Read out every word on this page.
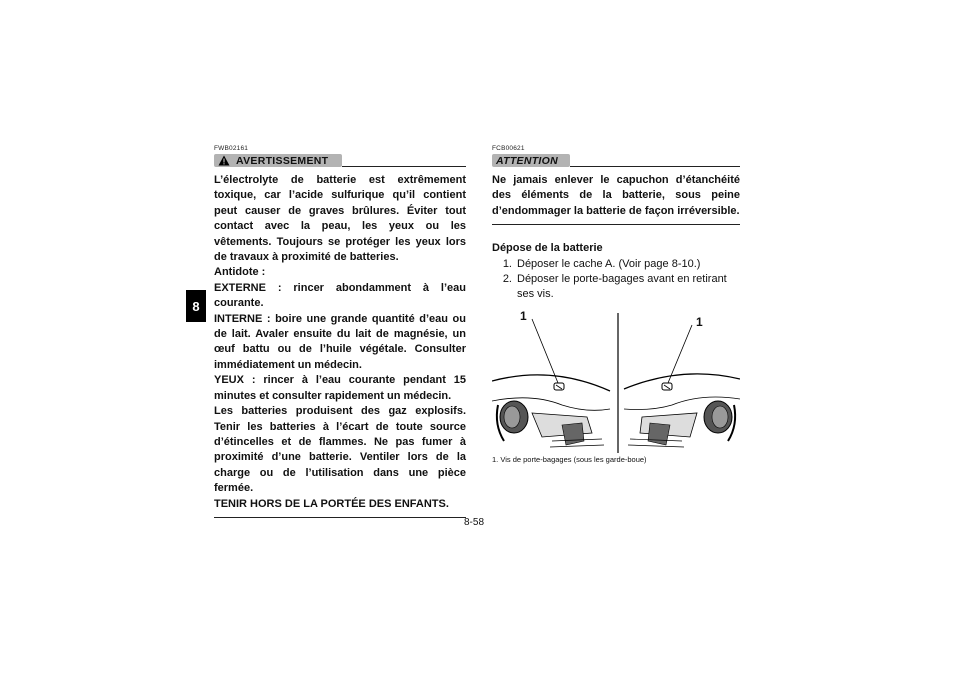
8
FWB02161
AVERTISSEMENT

L’électrolyte de batterie est extrêmement toxique, car l’acide sulfurique qu’il contient peut causer de graves brûlures. Éviter tout contact avec la peau, les yeux ou les vêtements. Toujours se protéger les yeux lors de travaux à proximité de batteries.

Antidote :

EXTERNE : rincer abondamment à l’eau courante.

INTERNE : boire une grande quantité d’eau ou de lait. Avaler ensuite du lait de magnésie, un œuf battu ou de l’huile végétale. Consulter immédiatement un médecin.

YEUX : rincer à l’eau courante pendant 15 minutes et consulter rapidement un médecin.

Les batteries produisent des gaz explosifs. Tenir les batteries à l’écart de toute source d’étincelles et de flammes. Ne pas fumer à proximité d’une batterie. Ventiler lors de la charge ou de l’utilisation dans une pièce fermée.

TENIR HORS DE LA PORTÉE DES ENFANTS.

FCB00621
ATTENTION

Ne jamais enlever le capuchon d’étanchéité des éléments de la batterie, sous peine d’endommager la batterie de façon irréversible.

Dépose de la batterie
1. Déposer le cache A. (Voir page 8-10.)
2. Déposer le porte-bagages avant en retirant ses vis.
1	1
1. Vis de porte-bagages (sous les garde-boue)
8-58
